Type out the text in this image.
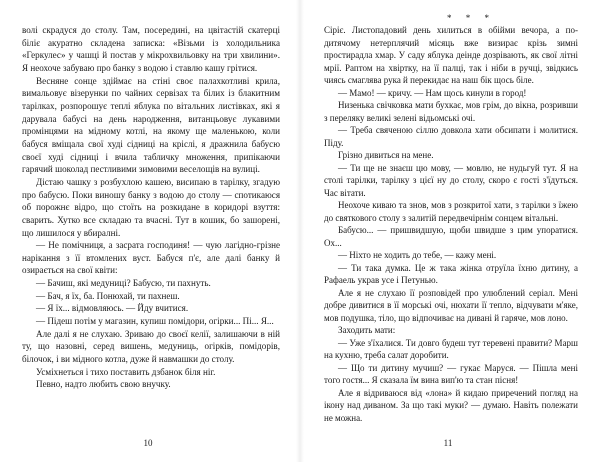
волі скрадуся до столу. Там, посередині, на цвітастій скатерці біліє акуратно складена записка: «Візьми із холодильника «Геркулес» у чашці й постав у мікрохвильовку на три хвилини». Я неохоче забуваю про банку з водою і ставлю кашу грітися.

Весняне сонце здіймає на стіні своє палахкотливі крила, вимальовує візерунки по чайних сервізах та білих із блакитним тарілках, розпорошує теплі яблука по вітальних листівках, які я дарувала бабусі на день народження, витанцьовує лукавими промінцями на мідному котлі, на якому ще маленькою, коли бабуся вміщала свої худі сідниці на кріслі, я дражнила бабусю своєї худі сідниці і вчила табличку множення, припікаючи гарячий шоколад пестливими зимовими веселощів на вулиці.

Дістаю чашку з розбухлою кашею, висипаю в тарілку, згадую про бабусю. Поки виношу банку з водою до столу — спотикаюся об порожнє відро, що стоїть на розкидане в коридорі взуття: сварить. Хутко все складаю та вчасні. Тут в кошик, бо зашорені, що лишилося у вбиралні.

— Не помічниця, а засрата господиня! — чую лагідно-грізне нарікання з її втомлених вуст. Бабуся п'є, але далі банку й озирається на свої квіти:

— Бачиш, які медуниці? Бабусю, ти пахнуть.

— Бач, я їх, ба. Понюхай, ти пахнеш.

— Я їх... відмовляюсь. — Йду вчитися.

— Підеш потім у магазин, купиш помідори, огірки... Пі... Я...

Але далі я не слухаю. Зриваю до своєї келії, залишаючи в ній ту, що назовні, серед вишень, медуниць, огірків, помідорів, білочок, і ви мідного котла, дуже й навмашки до столу.

Усміхнеться і тихо поставить дзбанок біля ніг.

Певно, надто любить свою внучку.

10
* * *

Сіріє. Листопадовий день хилиться в обійми вечора, а по-дитячому нетерплячий місяць вже визирає крізь зимні простирадла хмар. У саду яблука деінде дозрівають, як свої літні мрії. Раптом на хвіртку, на її палці, так і ніби в ручці, звідкись чиясь смаглява рука й перекидає на наш бік щось біле.

— Мамо! — кричу. — Нам щось кинули в город!

Низенька свічковка мати бухкає, мов грім, до вікна, розривши з переляку великі зелені відьомські очі.

— Треба свяченою сіллю довкола хати обсипати і молитися. Піду.

Грізно дивиться на мене.

— Ти ще не знаєш цю мову, — мовлю, не нудьгуй тут. Я на столі тарілки, тарілку з цієї ну до столу, скоро є гості з'їдуться. Час вітати.

Неохоче киваю та знов, мов з розкритої хати, з тарілки з їжею до святкового столу з залитій передвечірнім сонцем вітальні.

Бабусю... — пришвидшую, щоби швидше з цим упоратися. Ох...

— Ніхто не ходить до тебе, — кажу мені.

— Ти така думка. Це ж така жінка отруїла їхню дитину, а Рафаель украв усе і Петунью.

Але я не слухаю її розповідей про улюблений серіал. Мені добре дивитися в її морські очі, нюхати її тепло, відчувати м'яке, мов подушка, тіло, що відпочиває на дивані й гаряче, мов лоно.

Заходить мати:

— Уже з'їхалися. Ти довго будеш тут теревені правити? Марш на кухню, треба салат доробити.

— Що ти дитину мучиш? — гукає Маруся. — Пішла мені того гостя... Я сказала їм вина вип'ю та стан пісня!

Але я відриваюся від «лона» й кидаю приречений погляд на ікону над диваном. За що такі муки? — думаю. Навіть полежати не можна.

11
